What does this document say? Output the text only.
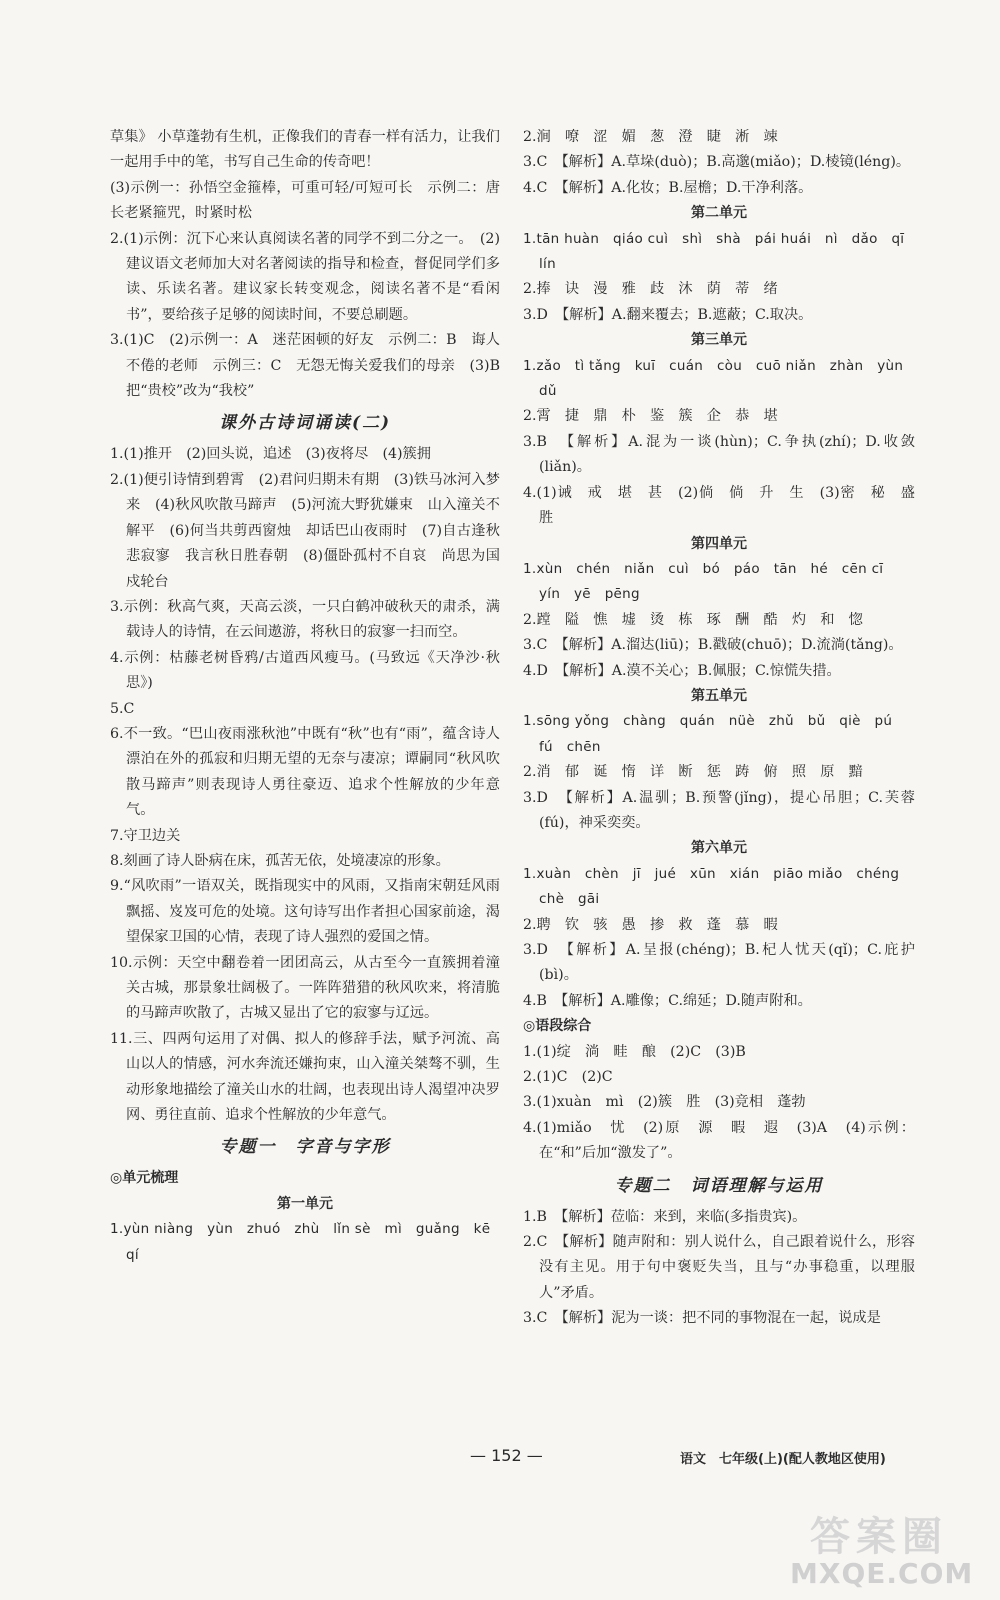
草集》 小草蓬勃有生机，正像我们的青春一样有活力，让我们一起用手中的笔，书写自己生命的传奇吧！
(3)示例一：孙悟空金箍棒，可重可轻/可短可长　示例二：唐长老紧箍咒，时紧时松
2.(1)示例：沉下心来认真阅读名著的同学不到二分之一。　(2)建议语文老师加大对名著阅读的指导和检查，督促同学们多读、乐读名著。建议家长转变观念，阅读名著不是“看闲书”，要给孩子足够的阅读时间，不要总刷题。
3.(1)C　(2)示例一：A　迷茫困顿的好友　示例二：B　诲人不倦的老师　示例三：C　无怨无悔关爱我们的母亲　(3)B　把“贵校”改为“我校”
课外古诗词诵读(二)
1.(1)推开　(2)回头说，追述　(3)夜将尽　(4)簇拥
2.(1)便引诗情到碧霄　(2)君问归期未有期　(3)铁马冰河入梦来　(4)秋风吹散马蹄声　(5)河流大野犹嫌束　山入潼关不解平　(6)何当共剪西窗烛　却话巴山夜雨时　(7)自古逢秋悲寂寥　我言秋日胜春朝　(8)僵卧孤村不自哀　尚思为国戍轮台
3.示例：秋高气爽，天高云淡，一只白鹤冲破秋天的肃杀，满载诗人的诗情，在云间遨游，将秋日的寂寥一扫而空。
4.示例：枯藤老树昏鸦/古道西风瘦马。(马致远《天净沙·秋思》)
5.C
6.不一致。“巴山夜雨涨秋池”中既有“秋”也有“雨”，蕴含诗人漂泊在外的孤寂和归期无望的无奈与凄凉；谭嗣同“秋风吹散马蹄声”则表现诗人勇往豪迈、追求个性解放的少年意气。
7.守卫边关
8.刻画了诗人卧病在床，孤苦无依，处境凄凉的形象。
9.“风吹雨”一语双关，既指现实中的风雨，又指南宋朝廷风雨飘摇、岌岌可危的处境。这句诗写出作者担心国家前途，渴望保家卫国的心情，表现了诗人强烈的爱国之情。
10.示例：天空中翻卷着一团团高云，从古至今一直簇拥着潼关古城，那景象壮阔极了。一阵阵猎猎的秋风吹来，将清脆的马蹄声吹散了，古城又显出了它的寂寥与辽远。
11.三、四两句运用了对偶、拟人的修辞手法，赋予河流、高山以人的情感，河水奔流还嫌拘束，山入潼关桀骜不驯，生动形象地描绘了潼关山水的壮阔，也表现出诗人渴望冲决罗网、勇往直前、追求个性解放的少年意气。
专题一　字音与字形
◎单元梳理
第一单元
1.yùn niàng　yùn　zhuó　zhù　lǐn sè　mì　guǎng　kē　qí
2.涧　嘹　涩　媚　葱　澄　睫　淅　竦
3.C　【解析】A.草垛(duò)；B.高邈(miǎo)；D.棱镜(léng)。
4.C　【解析】A.化妆；B.屋檐；D.干净利落。
第二单元
1.tān huàn　qiáo cuì　shì　shà　pái huái　nì　dǎo　qī　lín
2.捧　诀　漫　雅　歧　沐　荫　蒂　绪
3.D　【解析】A.翻来覆去；B.遮蔽；C.取决。
第三单元
1.zǎo　tì tǎng　kuī　cuán　còu　cuō niǎn　zhàn　yùn　dǔ
2.霄　捷　鼎　朴　鉴　簇　企　恭　堪
3.B　【解析】A.混为一谈(hùn)；C.争执(zhí)；D.收敛(liǎn)。
4.(1)诫　戒　堪　甚　(2)倘　倘　升　生　(3)密　秘　盛　胜
第四单元
1.xùn　chén　niǎn　cuì　bó　páo　tān　hé　cēn cī　yín　yē　pēng
2.蹚　隘　憔　墟　烫　栋　琢　酬　酷　灼　和　惚
3.C　【解析】A.溜达(liū)；B.戳破(chuō)；D.流淌(tǎng)。
4.D　【解析】A.漠不关心；B.佩服；C.惊慌失措。
第五单元
1.sōng yǒng　chàng　quán　nüè　zhǔ　bǔ　qiè　pú　fú　chēn
2.消　郁　诞　惰　详　断　惩　踌　俯　照　原　黯
3.D　【解析】A.温驯；B.预警(jǐng)，提心吊胆；C.芙蓉(fú)，神采奕奕。
第六单元
1.xuàn　chèn　jī　jué　xūn　xián　piāo miǎo　chéng chè　gāi
2.聘　钦　骇　愚　掺　救　蓬　慕　暇
3.D　【解析】A.呈报(chéng)；B.杞人忧天(qǐ)；C.庇护(bì)。
4.B　【解析】A.雕像；C.绵延；D.随声附和。
◎语段综合
1.(1)绽　淌　畦　酿　(2)C　(3)B
2.(1)C　(2)C
3.(1)xuàn　mì　(2)簇　胜　(3)竞相　蓬勃
4.(1)miǎo　忧　(2)原　源　暇　遐　(3)A　(4)示例：在“和”后加“激发了”。
专题二　词语理解与运用
1.B　【解析】莅临：来到，来临(多指贵宾)。
2.C　【解析】随声附和：别人说什么，自己跟着说什么，形容没有主见。用于句中褒贬失当，且与“办事稳重，以理服人”矛盾。
3.C　【解析】泥为一谈：把不同的事物混在一起，说成是
— 152 —	语文　七年级(上)(配人教地区使用)
答案圈
MXQE.COM
